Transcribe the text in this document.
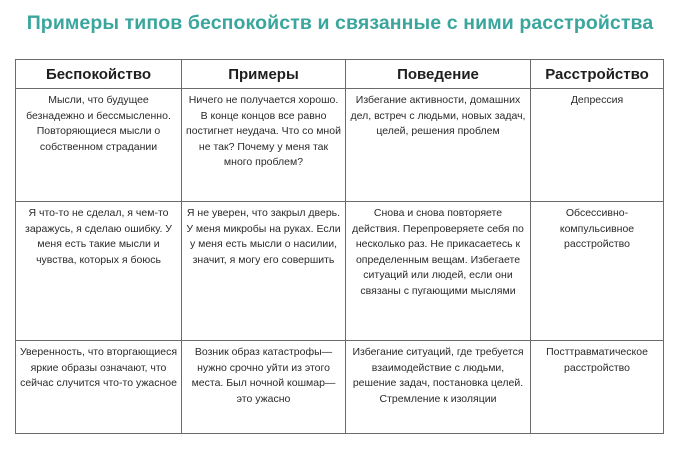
Примеры типов беспокойств и связанные с ними расстройства
Беспокойство	Примеры	Поведение	Расстройство
Мысли, что будущее безнадежно и бессмысленно. Повторяющиеся мысли о собственном страдании	Ничего не получается хорошо. В конце концов все равно постигнет неудача. Что со мной не так? Почему у меня так много проблем?	Избегание активности, домашних дел, встреч с людьми, новых задач, целей, решения проблем	Депрессия
Я что-то не сделал, я чем-то заражусь, я сделаю ошибку. У меня есть такие мысли и чувства, которых я боюсь	Я не уверен, что закрыл дверь. У меня микробы на руках. Если у меня есть мысли о насилии, значит, я могу его совершить	Снова и снова повторяете действия. Перепроверяете себя по несколько раз. Не прикасаетесь к определенным вещам. Избегаете ситуаций или людей, если они связаны с пугающими мыслями	Обсессивно-компульсивное расстройство
Уверенность, что вторгающиеся яркие образы означают, что сейчас случится что-то ужасное	Возник образ катастрофы—нужно срочно уйти из этого места. Был ночной кошмар—это ужасно	Избегание ситуаций, где требуется взаимодействие с людьми, решение задач, постановка целей. Стремление к изоляции	Посттравматическое расстройство
